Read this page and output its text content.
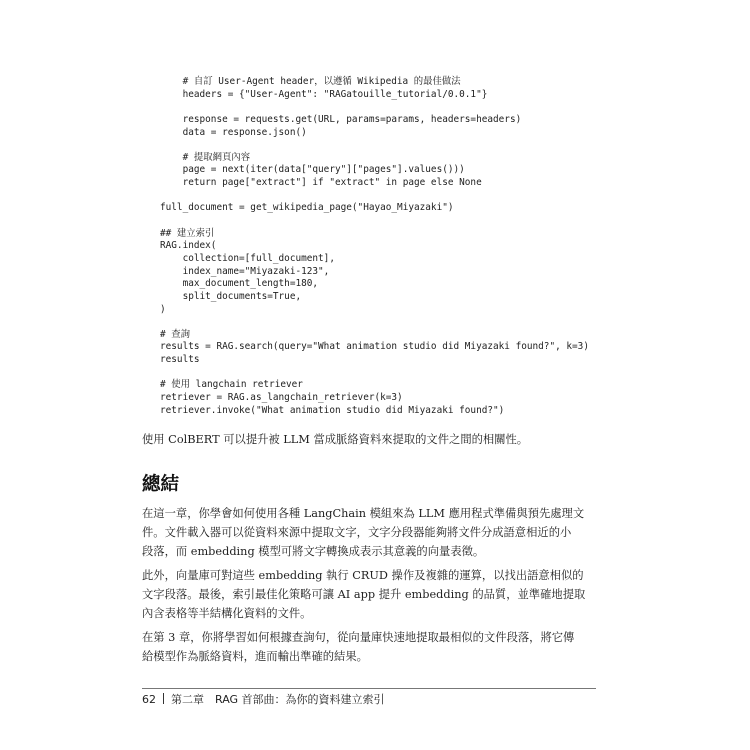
# 自訂 User-Agent header，以遵循 Wikipedia 的最佳做法
headers = {"User-Agent": "RAGatouille_tutorial/0.0.1"}
response = requests.get(URL, params=params, headers=headers)
data = response.json()
# 提取網頁內容
page = next(iter(data["query"]["pages"].values()))
return page["extract"] if "extract" in page else None
full_document = get_wikipedia_page("Hayao_Miyazaki")
## 建立索引
RAG.index(
collection=[full_document],
index_name="Miyazaki-123",
max_document_length=180,
split_documents=True,
)
# 查詢
results = RAG.search(query="What animation studio did Miyazaki found?", k=3)
results
# 使用 langchain retriever
retriever = RAG.as_langchain_retriever(k=3)
retriever.invoke("What animation studio did Miyazaki found?")

使用 ColBERT 可以提升被 LLM 當成脈絡資料來提取的文件之間的相關性。

總結

在這一章，你學會如何使用各種 LangChain 模組來為 LLM 應用程式準備與預先處理文
件。文件載入器可以從資料來源中提取文字，文字分段器能夠將文件分成語意相近的小
段落，而 embedding 模型可將文字轉換成表示其意義的向量表徵。

此外，向量庫可對這些 embedding 執行 CRUD 操作及複雜的運算，以找出語意相似的
文字段落。最後，索引最佳化策略可讓 AI app 提升 embedding 的品質，並準確地提取
內含表格等半結構化資料的文件。

在第 3 章，你將學習如何根據查詢句，從向量庫快速地提取最相似的文件段落，將它傳
給模型作為脈絡資料，進而輸出準確的結果。

62 第二章　RAG 首部曲：為你的資料建立索引
